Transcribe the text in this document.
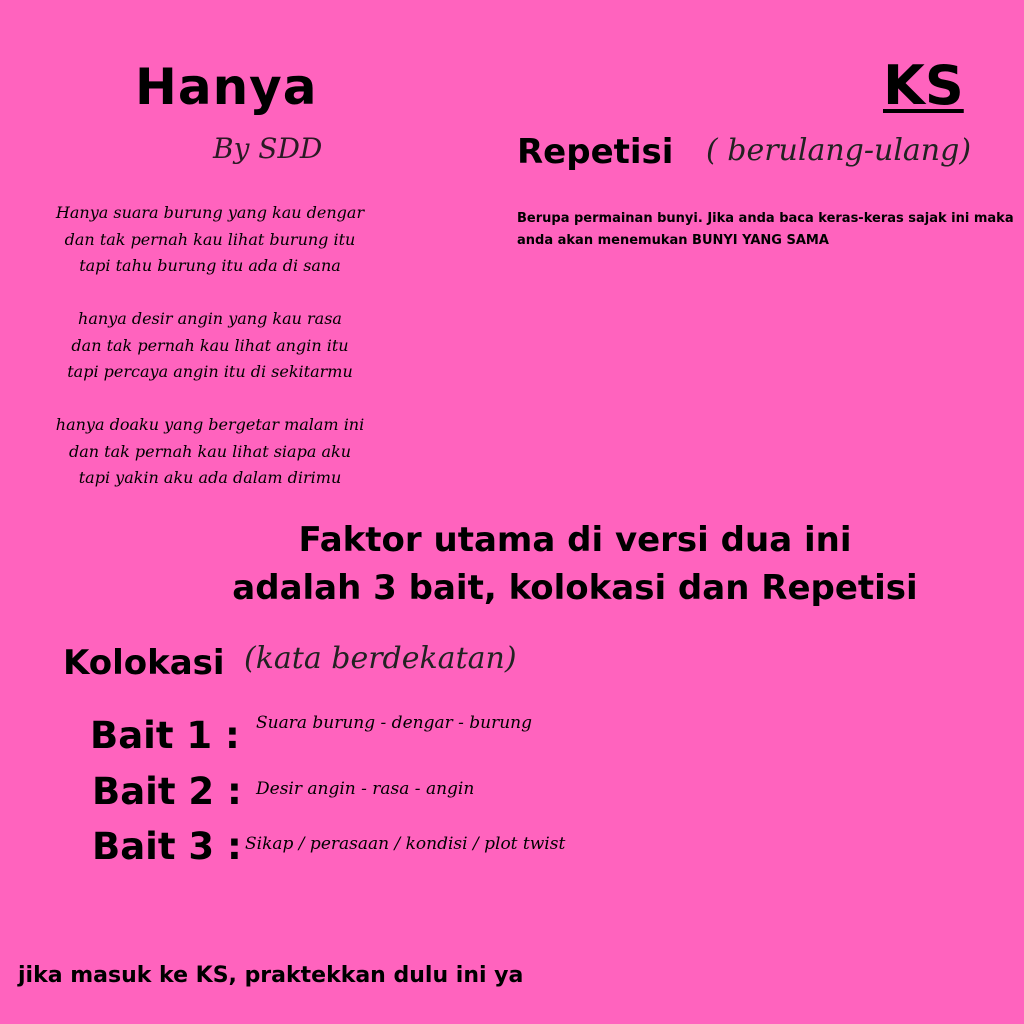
Hanya
By SDD
Hanya suara burung yang kau dengar
dan tak pernah kau lihat burung itu
tapi tahu burung itu ada di sana
hanya desir angin yang kau rasa
dan tak pernah kau lihat angin itu
tapi percaya angin itu di sekitarmu
hanya doaku yang bergetar malam ini
dan tak pernah kau lihat siapa aku
tapi yakin aku ada dalam dirimu
KS
Repetisi ( berulang-ulang)
Berupa permainan bunyi. Jika anda baca keras-keras sajak ini maka anda akan menemukan BUNYI YANG SAMA
Faktor utama di versi dua ini
adalah 3 bait, kolokasi dan Repetisi
Kolokasi (kata berdekatan)
Bait 1 : Suara burung - dengar - burung
Bait 2 : Desir angin - rasa - angin
Bait 3 : Sikap / perasaan / kondisi / plot twist
jika masuk ke KS, praktekkan dulu ini ya
